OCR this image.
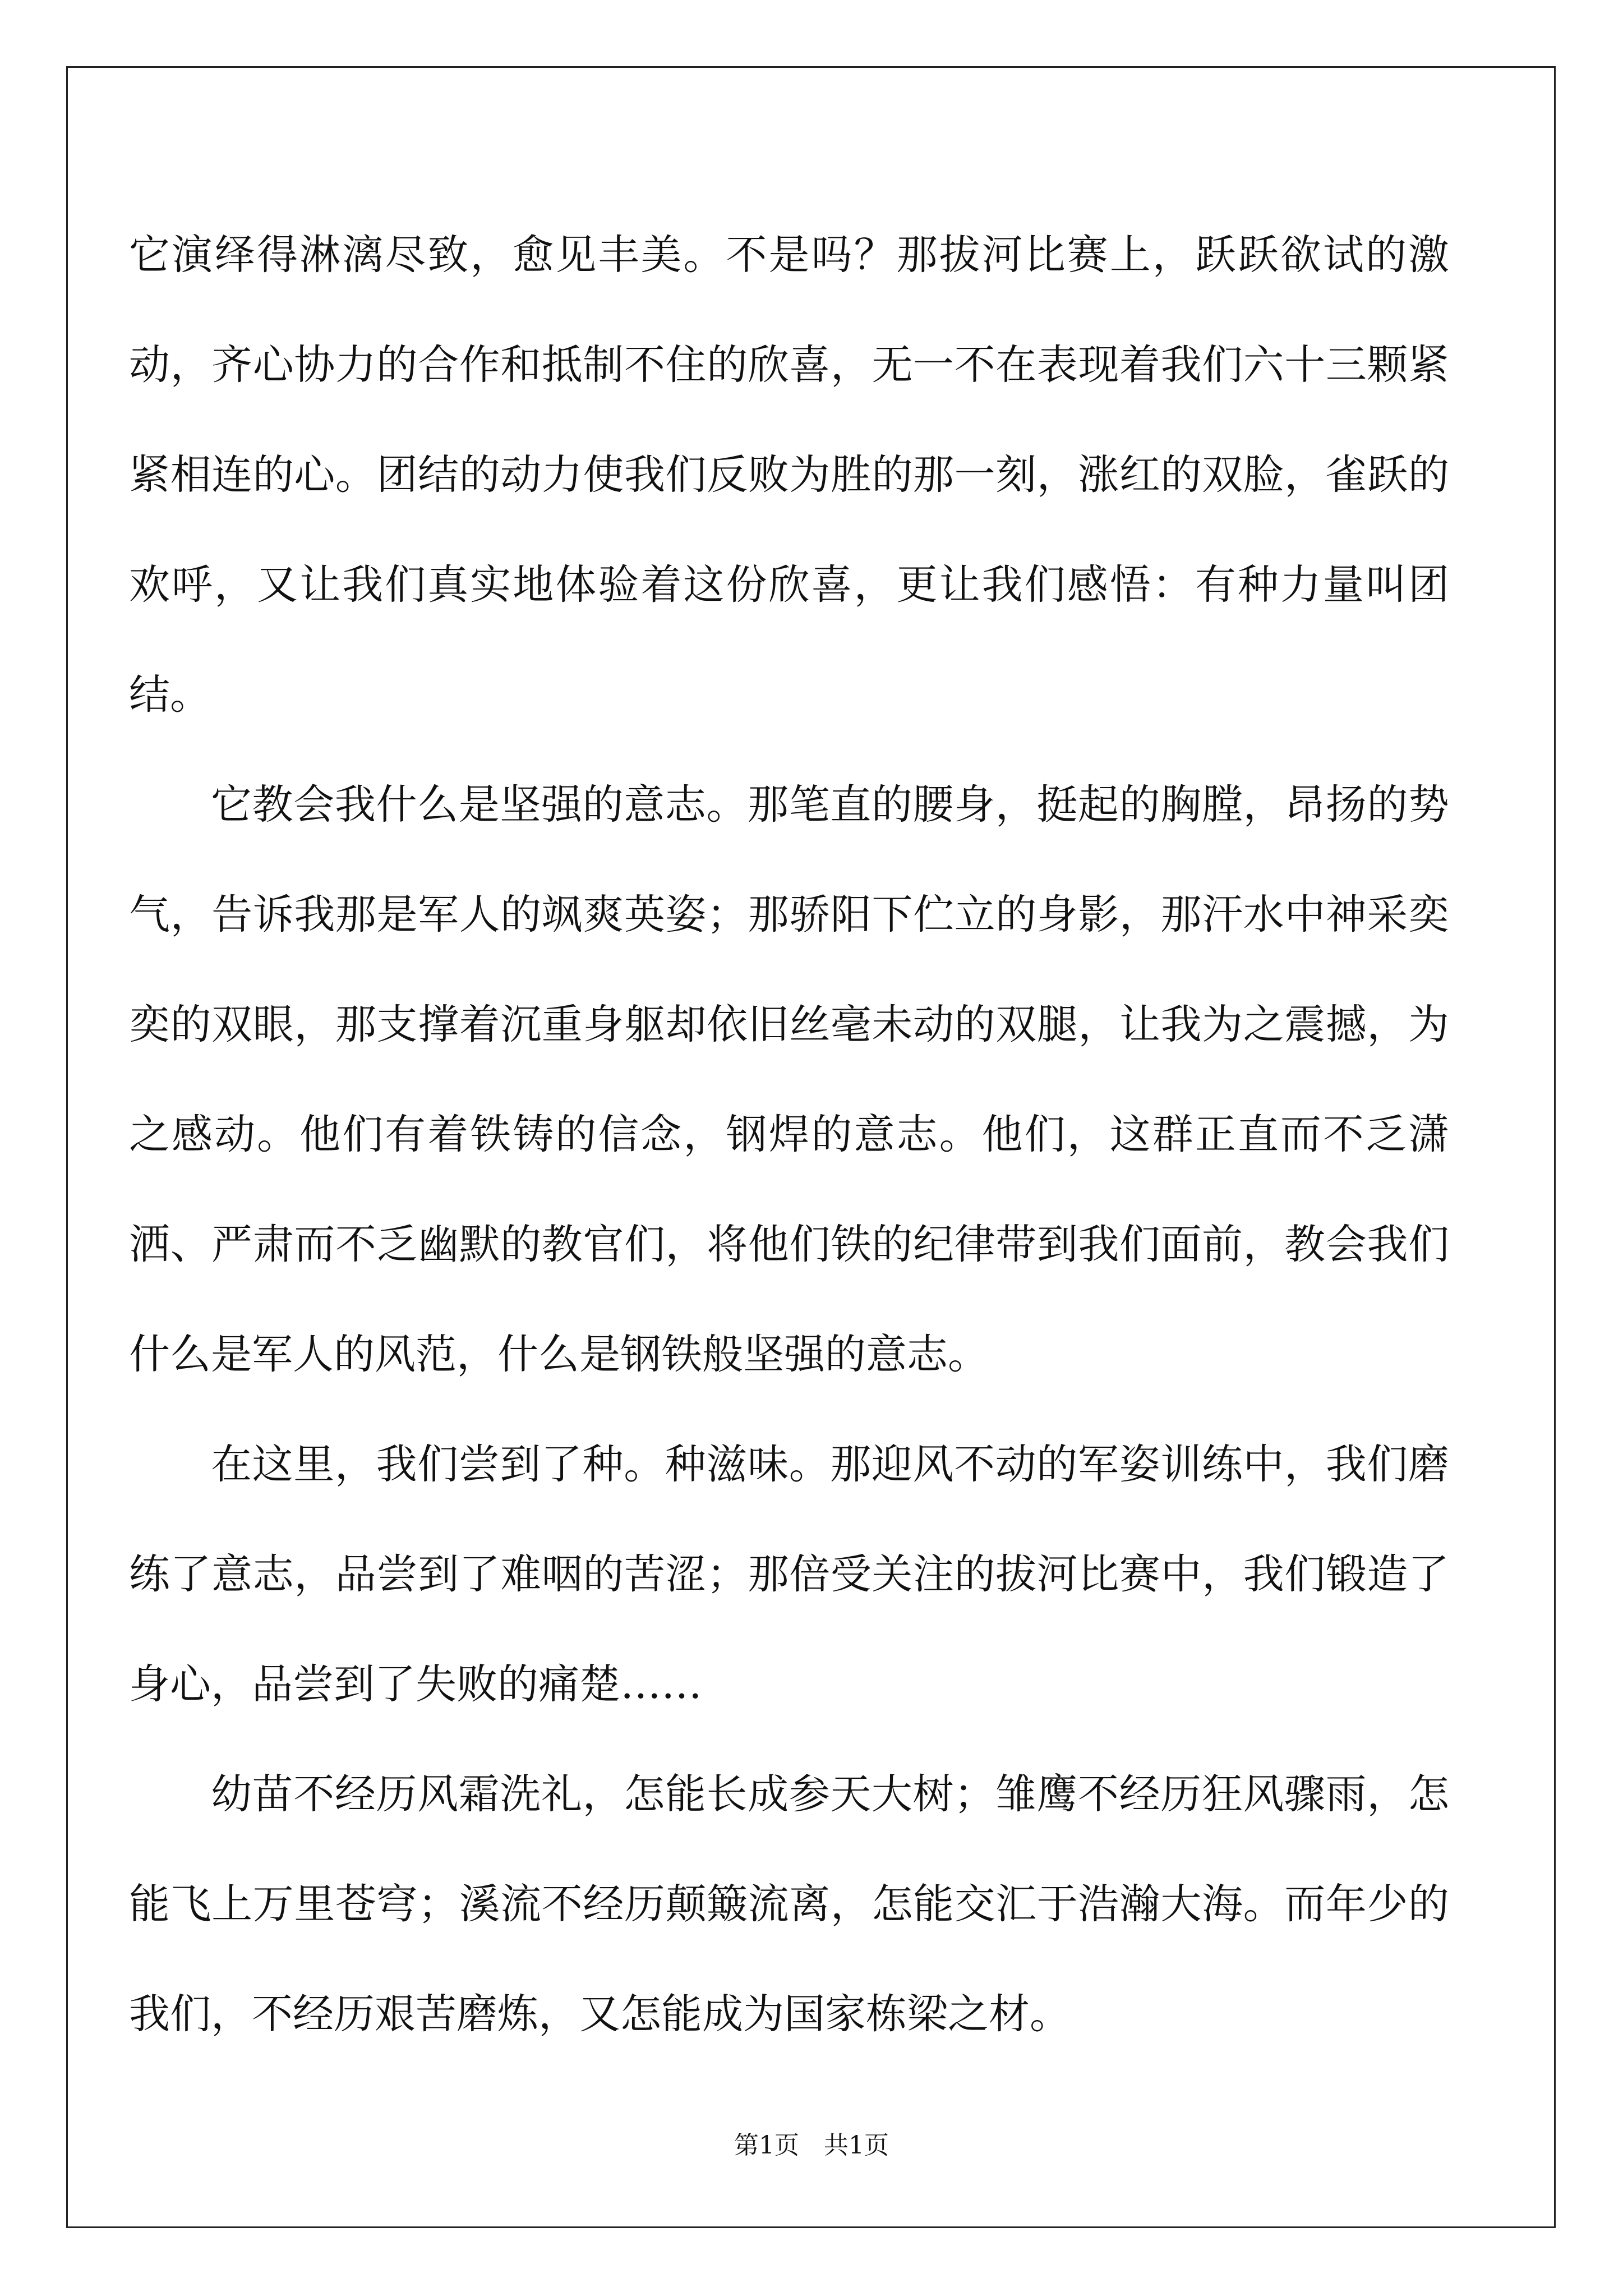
它演绎得淋漓尽致，愈见丰美。不是吗？那拔河比赛上，跃跃欲试的激动，齐心协力的合作和抵制不住的欣喜，无一不在表现着我们六十三颗紧紧相连的心。团结的动力使我们反败为胜的那一刻，涨红的双脸，雀跃的欢呼，又让我们真实地体验着这份欣喜，更让我们感悟：有种力量叫团结。

它教会我什么是坚强的意志。那笔直的腰身，挺起的胸膛，昂扬的势气，告诉我那是军人的飒爽英姿；那骄阳下伫立的身影，那汗水中神采奕奕的双眼，那支撑着沉重身躯却依旧丝毫未动的双腿，让我为之震撼，为之感动。他们有着铁铸的信念，钢焊的意志。他们，这群正直而不乏潇洒、严肃而不乏幽默的教官们，将他们铁的纪律带到我们面前，教会我们什么是军人的风范，什么是钢铁般坚强的意志。

在这里，我们尝到了种。种滋味。那迎风不动的军姿训练中，我们磨练了意志，品尝到了难咽的苦涩；那倍受关注的拔河比赛中，我们锻造了身心，品尝到了失败的痛楚……

幼苗不经历风霜洗礼，怎能长成参天大树；雏鹰不经历狂风骤雨，怎能飞上万里苍穹；溪流不经历颠簸流离，怎能交汇于浩瀚大海。而年少的我们，不经历艰苦磨炼，又怎能成为国家栋梁之材。

第1页 共1页
